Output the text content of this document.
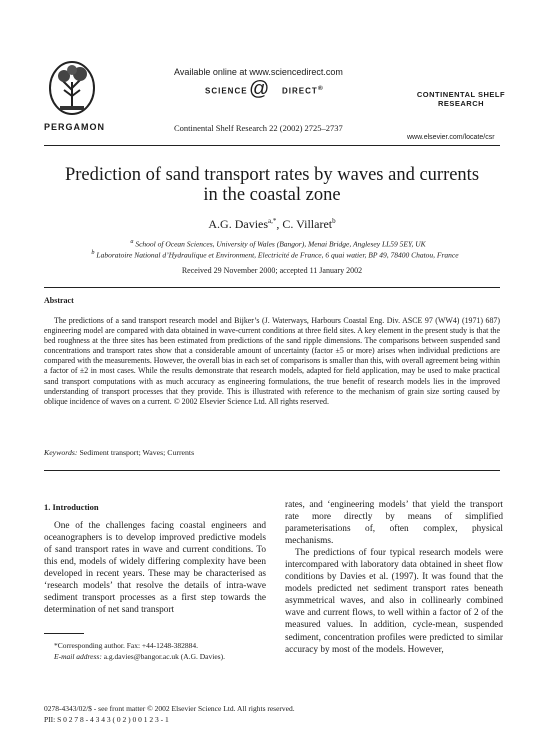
PERGAMON
Available online at www.sciencedirect.com
SCIENCE	DIRECT®
@
Continental Shelf Research 22 (2002) 2725–2737
CONTINENTAL SHELF RESEARCH
www.elsevier.com/locate/csr
Prediction of sand transport rates by waves and currents in the coastal zone
A.G. Davies$^{a,*}$, C. Villaret$^b$
$^a$ School of Ocean Sciences, University of Wales (Bangor), Menai Bridge, Anglesey LL59 5EY, UK
$^b$ Laboratoire National d’Hydraulique et Environment, Electricité de France, 6 quai watier, BP 49, 78400 Chatou, France
Received 29 November 2000; accepted 11 January 2002
Abstract
The predictions of a sand transport research model and Bijker’s (J. Waterways, Harbours Coastal Eng. Div. ASCE 97 (WW4) (1971) 687) engineering model are compared with data obtained in wave-current conditions at three field sites. A key element in the present study is that the bed roughness at the three sites has been estimated from predictions of the sand ripple dimensions. The comparisons between suspended sand concentrations and transport rates show that a considerable amount of uncertainty (factor ±5 or more) arises when individual predictions are compared with the measurements. However, the overall bias in each set of comparisons is smaller than this, with overall agreement being within a factor of ±2 in most cases. While the results demonstrate that research models, adapted for field application, may be used to make practical sand transport computations with as much accuracy as engineering formulations, the true benefit of research models lies in the improved understanding of transport processes that they provide. This is illustrated with reference to the mechanism of grain size sorting caused by oblique incidence of waves on a current. © 2002 Elsevier Science Ltd. All rights reserved.
Keywords: Sediment transport; Waves; Currents
1. Introduction
One of the challenges facing coastal engineers and oceanographers is to develop improved predictive models of sand transport rates in wave and current conditions. To this end, models of widely differing complexity have been developed in recent years. These may be characterised as ‘research models’ that resolve the details of intra-wave sediment transport processes as a first step towards the determination of net sand transport

rates, and ‘engineering models’ that yield the transport rate more directly by means of simplified parameterisations of, often complex, physical mechanisms.

The predictions of four typical research models were intercompared with laboratory data obtained in sheet flow conditions by Davies et al. (1997). It was found that the models predicted net sediment transport rates beneath asymmetrical waves, and also in collinearly combined wave and current flows, to well within a factor of 2 of the measured values. In addition, cycle-mean, suspended sediment, concentration profiles were predicted to similar accuracy by most of the models. However,

*Corresponding author. Fax: +44-1248-382884.
E-mail address: a.g.davies@bangor.ac.uk (A.G. Davies).
0278-4343/02/$ - see front matter © 2002 Elsevier Science Ltd. All rights reserved.
PII: S 0 2 7 8 - 4 3 4 3 ( 0 2 ) 0 0 1 2 3 - 1
